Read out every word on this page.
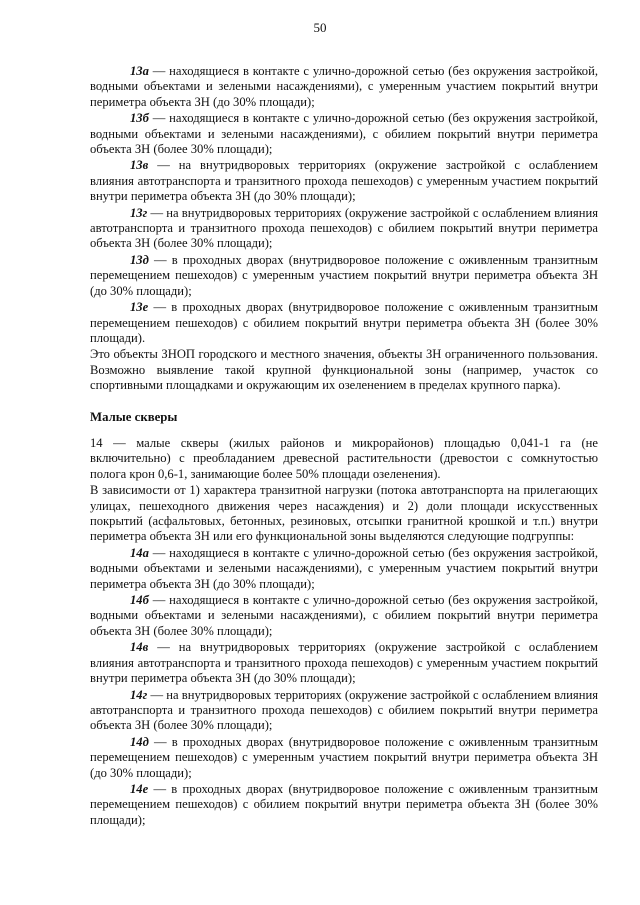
50

13а — находящиеся в контакте с улично-дорожной сетью (без окружения застройкой, водными объектами и зелеными насаждениями), с умеренным участием покрытий внутри периметра объекта ЗН (до 30% площади);

13б — находящиеся в контакте с улично-дорожной сетью (без окружения застройкой, водными объектами и зелеными насаждениями), с обилием покрытий внутри периметра объекта ЗН (более 30% площади);

13в — на внутридворовых территориях (окружение застройкой с ослаблением влияния автотранспорта и транзитного прохода пешеходов) с умеренным участием покрытий внутри периметра объекта ЗН (до 30% площади);

13г — на внутридворовых территориях (окружение застройкой с ослаблением влияния автотранспорта и транзитного прохода пешеходов) с обилием покрытий внутри периметра объекта ЗН (более 30% площади);

13д — в проходных дворах (внутридворовое положение с оживленным транзитным перемещением пешеходов) с умеренным участием покрытий внутри периметра объекта ЗН (до 30% площади);

13е — в проходных дворах (внутридворовое положение с оживленным транзитным перемещением пешеходов) с обилием покрытий внутри периметра объекта ЗН (более 30% площади).

Это объекты ЗНОП городского и местного значения, объекты ЗН ограниченного пользования. Возможно выявление такой крупной функциональной зоны (например, участок со спортивными площадками и окружающим их озеленением в пределах крупного парка).

Малые скверы

14 — малые скверы (жилых районов и микрорайонов) площадью 0,041-1 га (не включительно) с преобладанием древесной растительности (древостои с сомкнутостью полога крон 0,6-1, занимающие более 50% площади озеленения).

В зависимости от 1) характера транзитной нагрузки (потока автотранспорта на прилегающих улицах, пешеходного движения через насаждения) и 2) доли площади искусственных покрытий (асфальтовых, бетонных, резиновых, отсыпки гранитной крошкой и т.п.) внутри периметра объекта ЗН или его функциональной зоны выделяются следующие подгруппы:

14а — находящиеся в контакте с улично-дорожной сетью (без окружения застройкой, водными объектами и зелеными насаждениями), с умеренным участием покрытий внутри периметра объекта ЗН (до 30% площади);

14б — находящиеся в контакте с улично-дорожной сетью (без окружения застройкой, водными объектами и зелеными насаждениями), с обилием покрытий внутри периметра объекта ЗН (более 30% площади);

14в — на внутридворовых территориях (окружение застройкой с ослаблением влияния автотранспорта и транзитного прохода пешеходов) с умеренным участием покрытий внутри периметра объекта ЗН (до 30% площади);

14г — на внутридворовых территориях (окружение застройкой с ослаблением влияния автотранспорта и транзитного прохода пешеходов) с обилием покрытий внутри периметра объекта ЗН (более 30% площади);

14д — в проходных дворах (внутридворовое положение с оживленным транзитным перемещением пешеходов) с умеренным участием покрытий внутри периметра объекта ЗН (до 30% площади);

14е — в проходных дворах (внутридворовое положение с оживленным транзитным перемещением пешеходов) с обилием покрытий внутри периметра объекта ЗН (более 30% площади);
